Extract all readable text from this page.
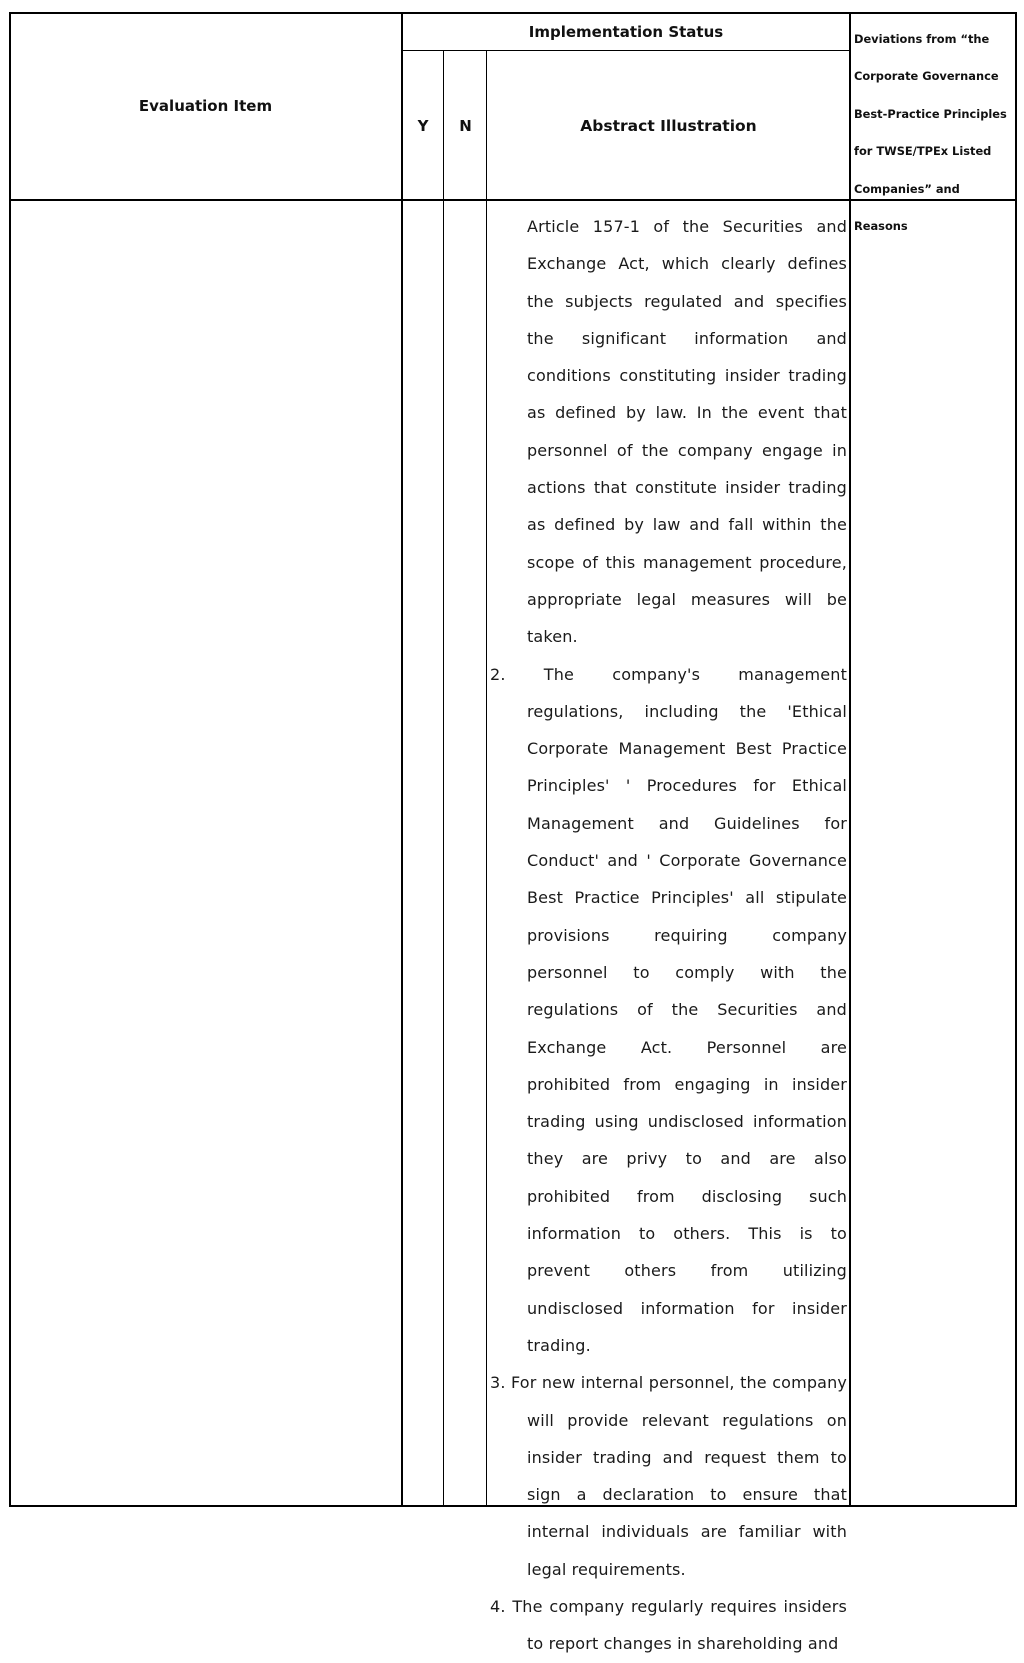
Evaluation Item
Implementation Status
Y N	Abstract Illustration
Deviations from “the
Corporate Governance
Best-Practice Principles
for TWSE/TPEx Listed
Companies” and Reasons

Article 157-1 of the Securities and Exchange Act, which clearly defines the subjects regulated and specifies the significant information and conditions constituting insider trading as defined by law. In the event that personnel of the company engage in actions that constitute insider trading as defined by law and fall within the scope of this management procedure, appropriate legal measures will be taken.

2. The company's management regulations, including the 'Ethical Corporate Management Best Practice Principles' ' Procedures for Ethical Management and Guidelines for Conduct' and ' Corporate Governance Best Practice Principles' all stipulate provisions requiring company personnel to comply with the regulations of the Securities and Exchange Act. Personnel are prohibited from engaging in insider trading using undisclosed information they are privy to and are also prohibited from disclosing such information to others. This is to prevent others from utilizing undisclosed information for insider trading.

3. For new internal personnel, the company will provide relevant regulations on insider trading and request them to sign a declaration to ensure that internal individuals are familiar with legal requirements.

4. The company regularly requires insiders to report changes in shareholding and
